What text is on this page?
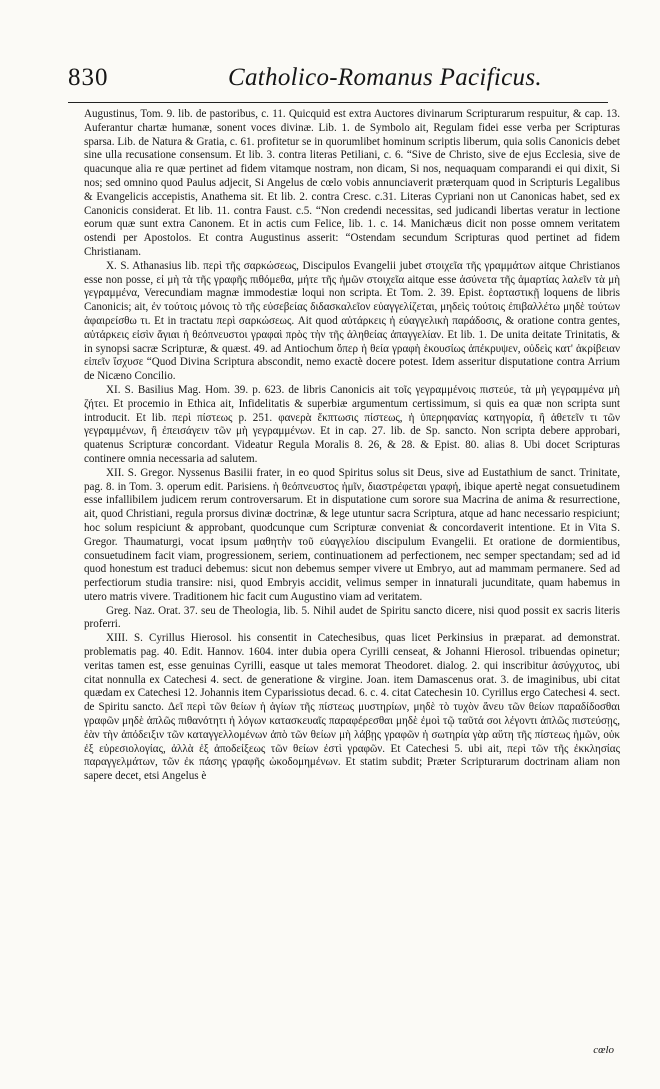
830	Catholico-Romanus Pacificus.

Augustinus, Tom. 9. lib. de pastoribus, c. 11. Quicquid est extra Auctores divinarum Scripturarum respuitur, & cap. 13. Auferantur chartæ humanæ, sonent voces divinæ. Lib. 1. de Symbolo ait, Regulam fidei esse verba per Scripturas sparsa. Lib. de Natura & Gratia, c. 61. profitetur se in quorumlibet hominum scriptis liberum, quia solis Canonicis debet sine ulla recusatione consensum. Et lib. 3. contra literas Petiliani, c. 6. “Sive de Christo, sive de ejus Ecclesia, sive de quacunque alia re quæ pertinet ad fidem vitamque nostram, non dicam, Si nos, nequaquam comparandi ei qui dixit, Si nos; sed omnino quod Paulus adjecit, Si Angelus de cœlo vobis annunciaverit præterquam quod in Scripturis Legalibus & Evangelicis accepistis, Anathema sit. Et lib. 2. contra Cresc. c.31. Literas Cypriani non ut Canonicas habet, sed ex Canonicis considerat. Et lib. 11. contra Faust. c.5. “Non credendi necessitas, sed judicandi libertas veratur in lectione eorum quæ sunt extra Canonem. Et in actis cum Felice, lib. 1. c. 14. Manichæus dicit non posse omnem veritatem ostendi per Apostolos. Et contra Augustinus asserit: “Ostendam secundum Scripturas quod pertinet ad fidem Christianam.

X. S. Athanasius lib. περὶ τῆς σαρκώσεως, Discipulos Evangelii jubet στοιχεῖα τῆς γραμμάτων aitque Christianos esse non posse, εἰ μὴ τὰ τῆς γραφῆς πιθόμεθα, μήτε τῆς ἡμῶν στοιχεῖα aitque esse ἀσύνετα τῆς ἀμαρτίας λαλεῖν τὰ μὴ γεγραμμένα, Verecundiam magnæ immodestiæ loqui non scripta. Et Tom. 2. 39. Epist. ἑορταστικῇ loquens de libris Canonicis; ait, ἐν τούτοις μόνοις τὸ τῆς εὐσεβείας διδασκαλεῖον εὐαγγελίζεται, μηδεὶς τούτοις ἐπιβαλλέτω μηδὲ τούτων ἀφαιρείσθω τι. Et in tractatu περὶ σαρκώσεως. Ait quod αὐτάρκεις ἡ εὐαγγελικὴ παράδοσις, & oratione contra gentes, αὐτάρκεις εἰσὶν ἅγιαι ἡ θεόπνευστοι γραφαὶ πρὸς τὴν τῆς ἀληθείας ἀπαγγελίαν. Et lib. 1. De unita deitate Trinitatis, & in synopsi sacræ Scripturæ, & quæst. 49. ad Antiochum ὅπερ ἡ θεία γραφὴ ἑκουσίως ἀπέκρυψεν, οὐδεὶς κατ' ἀκρίβειαν εἰπεῖν ἴσχυσε “Quod Divina Scriptura abscondit, nemo exactè docere potest. Idem asseritur disputatione contra Arrium de Nicæno Concilio.

XI. S. Basilius Mag. Hom. 39. p. 623. de libris Canonicis ait τοῖς γεγραμμένοις πιστεύε, τὰ μὴ γεγραμμένα μὴ ζήτει. Et procemio in Ethica ait, Infidelitatis & superbiæ argumentum certissimum, si quis ea quæ non scripta sunt introducit. Et lib. περὶ πίστεως p. 251. φανερὰ ἔκπτωσις πίστεως, ἡ ὑπερηφανίας κατηγορία, ἢ ἀθετεῖν τι τῶν γεγραμμένων, ἢ ἐπεισάγειν τῶν μὴ γεγραμμένων. Et in cap. 27. lib. de Sp. sancto. Non scripta debere approbari, quatenus Scripturæ concordant. Videatur Regula Moralis 8. 26, & 28. & Epist. 80. alias 8. Ubi docet Scripturas continere omnia necessaria ad salutem.

XII. S. Gregor. Nyssenus Basilii frater, in eo quod Spiritus solus sit Deus, sive ad Eustathium de sanct. Trinitate, pag. 8. in Tom. 3. operum edit. Parisiens. ἡ θεόπνευστος ἡμῖν, διαστρέφεται γραφή, ibique apertè negat consuetudinem esse infallibilem judicem rerum controversarum. Et in disputatione cum sorore sua Macrina de anima & resurrectione, ait, quod Christiani, regula prorsus divinæ doctrinæ, & lege utuntur sacra Scriptura, atque ad hanc necessario respiciunt; hoc solum respiciunt & approbant, quodcunque cum Scripturæ conveniat & concordaverit intentione. Et in Vita S. Gregor. Thaumaturgi, vocat ipsum μαθητὴν τοῦ εὐαγγελίου discipulum Evangelii. Et oratione de dormientibus, consuetudinem facit viam, progressionem, seriem, continuationem ad perfectionem, nec semper spectandam; sed ad id quod honestum est traduci debemus: sicut non debemus semper vivere ut Embryo, aut ad mammam permanere. Sed ad perfectiorum studia transire: nisi, quod Embryis accidit, velimus semper in innaturali jucunditate, quam habemus in utero matris vivere. Traditionem hic facit cum Augustino viam ad veritatem.

Greg. Naz. Orat. 37. seu de Theologia, lib. 5. Nihil audet de Spiritu sancto dicere, nisi quod possit ex sacris literis proferri.

XIII. S. Cyrillus Hierosol. his consentit in Catechesibus, quas licet Perkinsius in præparat. ad demonstrat. problematis pag. 40. Edit. Hannov. 1604. inter dubia opera Cyrilli censeat, & Johanni Hierosol. tribuendas opinetur; veritas tamen est, esse genuinas Cyrilli, easque ut tales memorat Theodoret. dialog. 2. qui inscribitur ἀσύγχυτος, ubi citat nonnulla ex Catechesi 4. sect. de generatione & virgine. Joan. item Damascenus orat. 3. de imaginibus, ubi citat quædam ex Catechesi 12. Johannis item Cyparissiotus decad. 6. c. 4. citat Catechesin 10. Cyrillus ergo Catechesi 4. sect. de Spiritu sancto. Δεῖ περὶ τῶν θείων ἡ ἁγίων τῆς πίστεως μυστηρίων, μηδὲ τὸ τυχὸν ἄνευ τῶν θείων παραδίδοσθαι γραφῶν μηδὲ ἁπλῶς πιθανότητι ἡ λόγων κατασκευαῖς παραφέρεσθαι μηδὲ ἐμοὶ τῷ ταῦτά σοι λέγοντι ἁπλῶς πιστεύσῃς, ἐὰν τὴν ἀπόδειξιν τῶν καταγγελλομένων ἀπὸ τῶν θείων μὴ λάβῃς γραφῶν ἡ σωτηρία γὰρ αὕτη τῆς πίστεως ἡμῶν, οὐκ ἐξ εὑρεσιολογίας, ἀλλὰ ἐξ ἀποδείξεως τῶν θείων ἐστὶ γραφῶν. Et Catechesi 5. ubi ait, περὶ τῶν τῆς ἐκκλησίας παραγγελμάτων, τῶν ἐκ πάσης γραφῆς ὠκοδομημένων. Et statim subdit; Præter Scripturarum doctrinam aliam non sapere decet, etsi Angelus è

cœlo
